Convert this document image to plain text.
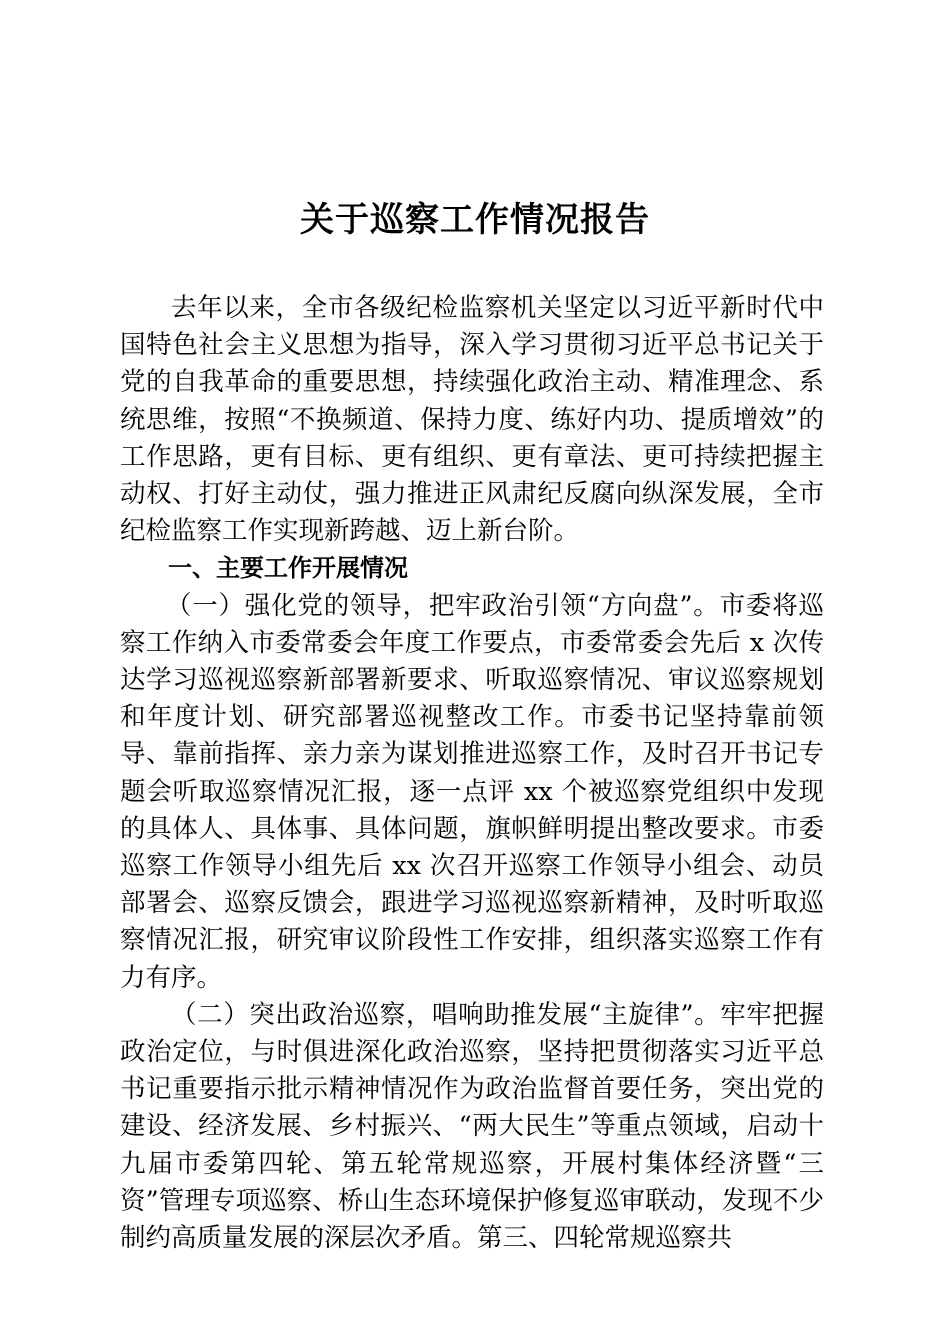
关于巡察工作情况报告

去年以来，全市各级纪检监察机关坚定以习近平新时代中国特色社会主义思想为指导，深入学习贯彻习近平总书记关于党的自我革命的重要思想，持续强化政治主动、精准理念、系统思维，按照“不换频道、保持力度、练好内功、提质增效”的工作思路，更有目标、更有组织、更有章法、更可持续把握主动权、打好主动仗，强力推进正风肃纪反腐向纵深发展，全市纪检监察工作实现新跨越、迈上新台阶。

一、主要工作开展情况

（一）强化党的领导，把牢政治引领“方向盘”。市委将巡察工作纳入市委常委会年度工作要点，市委常委会先后 x 次传达学习巡视巡察新部署新要求、听取巡察情况、审议巡察规划和年度计划、研究部署巡视整改工作。市委书记坚持靠前领导、靠前指挥、亲力亲为谋划推进巡察工作，及时召开书记专题会听取巡察情况汇报，逐一点评 xx 个被巡察党组织中发现的具体人、具体事、具体问题，旗帜鲜明提出整改要求。市委巡察工作领导小组先后 xx 次召开巡察工作领导小组会、动员部署会、巡察反馈会，跟进学习巡视巡察新精神，及时听取巡察情况汇报，研究审议阶段性工作安排，组织落实巡察工作有力有序。

（二）突出政治巡察，唱响助推发展“主旋律”。牢牢把握政治定位，与时俱进深化政治巡察，坚持把贯彻落实习近平总书记重要指示批示精神情况作为政治监督首要任务，突出党的建设、经济发展、乡村振兴、“两大民生”等重点领域，启动十九届市委第四轮、第五轮常规巡察，开展村集体经济暨“三资”管理专项巡察、桥山生态环境保护修复巡审联动，发现不少制约高质量发展的深层次矛盾。第三、四轮常规巡察共
